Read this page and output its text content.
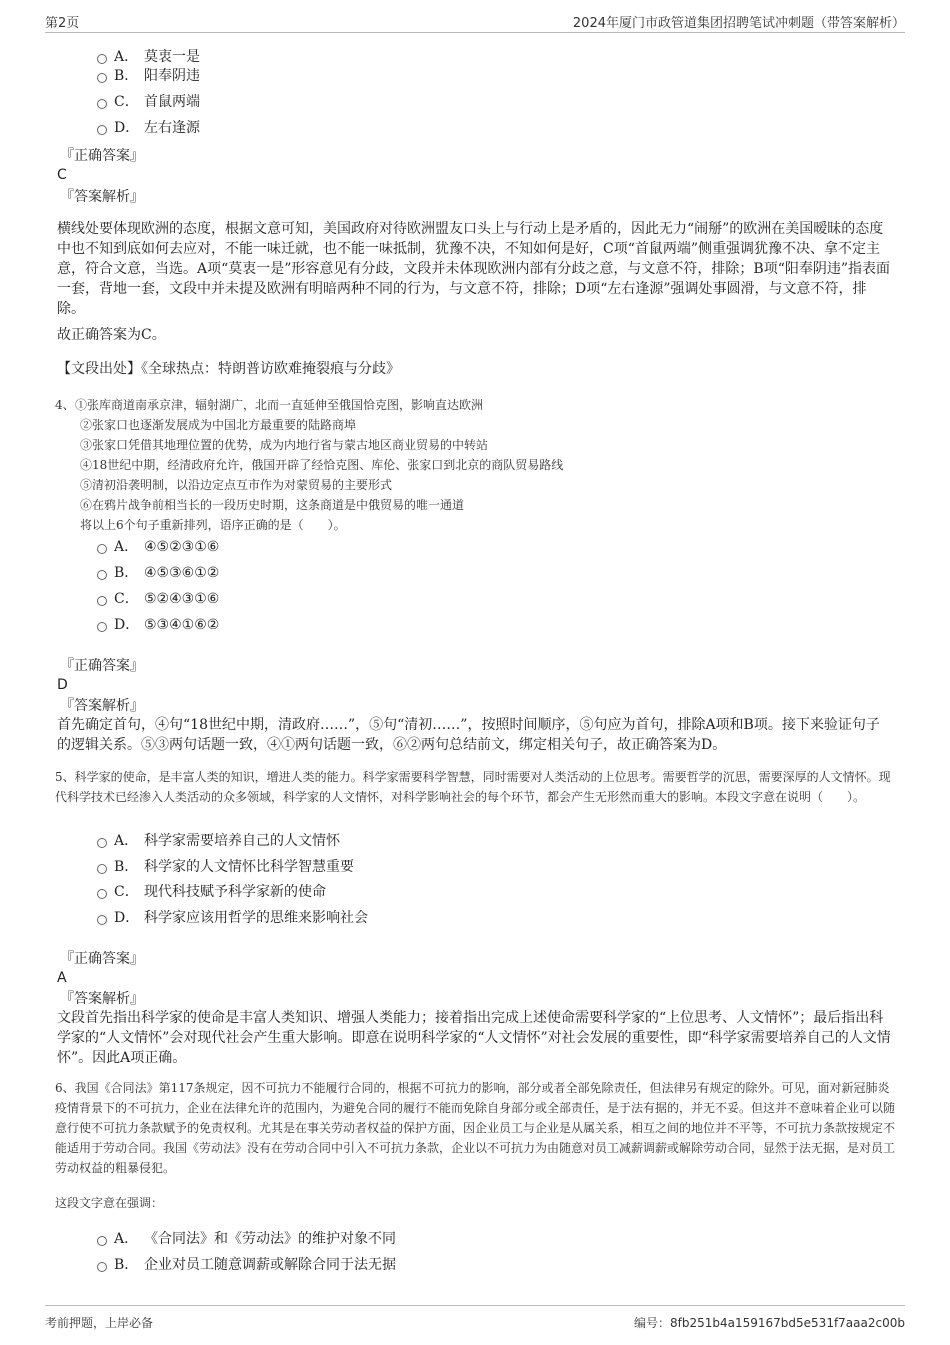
第2页	2024年厦门市政管道集团招聘笔试冲刺题（带答案解析）
A． 莫衷一是
B． 阳奉阴违
C． 首鼠两端
D． 左右逢源
『正确答案』
C
『答案解析』
横线处要体现欧洲的态度，根据文意可知，美国政府对待欧洲盟友口头上与行动上是矛盾的，因此无力“闹掰”的欧洲在美国暧昧的态度中也不知到底如何去应对，不能一味迁就，也不能一味抵制，犹豫不决，不知如何是好，C项“首鼠两端”侧重强调犹豫不决、拿不定主意，符合文意，当选。A项“莫衷一是”形容意见有分歧，文段并未体现欧洲内部有分歧之意，与文意不符，排除；B项“阳奉阴违”指表面一套，背地一套，文段中并未提及欧洲有明暗两种不同的行为，与文意不符，排除；D项“左右逢源”强调处事圆滑，与文意不符，排除。
故正确答案为C。
【文段出处】《全球热点：特朗普访欧难掩裂痕与分歧》
4、 ①张库商道南承京津，辐射湖广，北而一直延伸至俄国恰克图，影响直达欧洲
②张家口也逐渐发展成为中国北方最重要的陆路商埠
③张家口凭借其地理位置的优势，成为内地行省与蒙古地区商业贸易的中转站
④18世纪中期，经清政府允许，俄国开辟了经恰克图、库伦、张家口到北京的商队贸易路线
⑤清初沿袭明制，以沿边定点互市作为对蒙贸易的主要形式
⑥在鸦片战争前相当长的一段历史时期，这条商道是中俄贸易的唯一通道
将以上6个句子重新排列，语序正确的是（　　）。
A． ④⑤②③①⑥
B． ④⑤③⑥①②
C． ⑤②④③①⑥
D． ⑤③④①⑥②
『正确答案』
D
『答案解析』
首先确定首句，④句“18世纪中期，清政府……”，⑤句“清初……”，按照时间顺序，⑤句应为首句，排除A项和B项。接下来验证句子的逻辑关系。⑤③两句话题一致，④①两句话题一致，⑥②两句总结前文，绑定相关句子，故正确答案为D。
5、科学家的使命，是丰富人类的知识，增进人类的能力。科学家需要科学智慧，同时需要对人类活动的上位思考。需要哲学的沉思，需要深厚的人文情怀。现代科学技术已经渗入人类活动的众多领域，科学家的人文情怀，对科学影响社会的每个环节，都会产生无形然而重大的影响。本段文字意在说明（　　）。
A． 科学家需要培养自己的人文情怀
B． 科学家的人文情怀比科学智慧重要
C． 现代科技赋予科学家新的使命
D． 科学家应该用哲学的思维来影响社会
『正确答案』
A
『答案解析』
文段首先指出科学家的使命是丰富人类知识、增强人类能力；接着指出完成上述使命需要科学家的“上位思考、人文情怀”；最后指出科学家的“人文情怀”会对现代社会产生重大影响。即意在说明科学家的“人文情怀”对社会发展的重要性，即“科学家需要培养自己的人文情怀”。因此A项正确。
6、我国《合同法》第117条规定，因不可抗力不能履行合同的，根据不可抗力的影响，部分或者全部免除责任，但法律另有规定的除外。可见，面对新冠肺炎疫情背景下的不可抗力，企业在法律允许的范围内，为避免合同的履行不能而免除自身部分或全部责任，是于法有据的，并无不妥。但这并不意味着企业可以随意行使不可抗力条款赋予的免责权利。尤其是在事关劳动者权益的保护方面，因企业员工与企业是从属关系，相互之间的地位并不平等，不可抗力条款按规定不能适用于劳动合同。我国《劳动法》没有在劳动合同中引入不可抗力条款，企业以不可抗力为由随意对员工减薪调薪或解除劳动合同，显然于法无据，是对员工劳动权益的粗暴侵犯。
这段文字意在强调：
A． 《合同法》和《劳动法》的维护对象不同
B． 企业对员工随意调薪或解除合同于法无据
考前押题，上岸必备	编号：8fb251b4a159167bd5e531f7aaa2c00b
